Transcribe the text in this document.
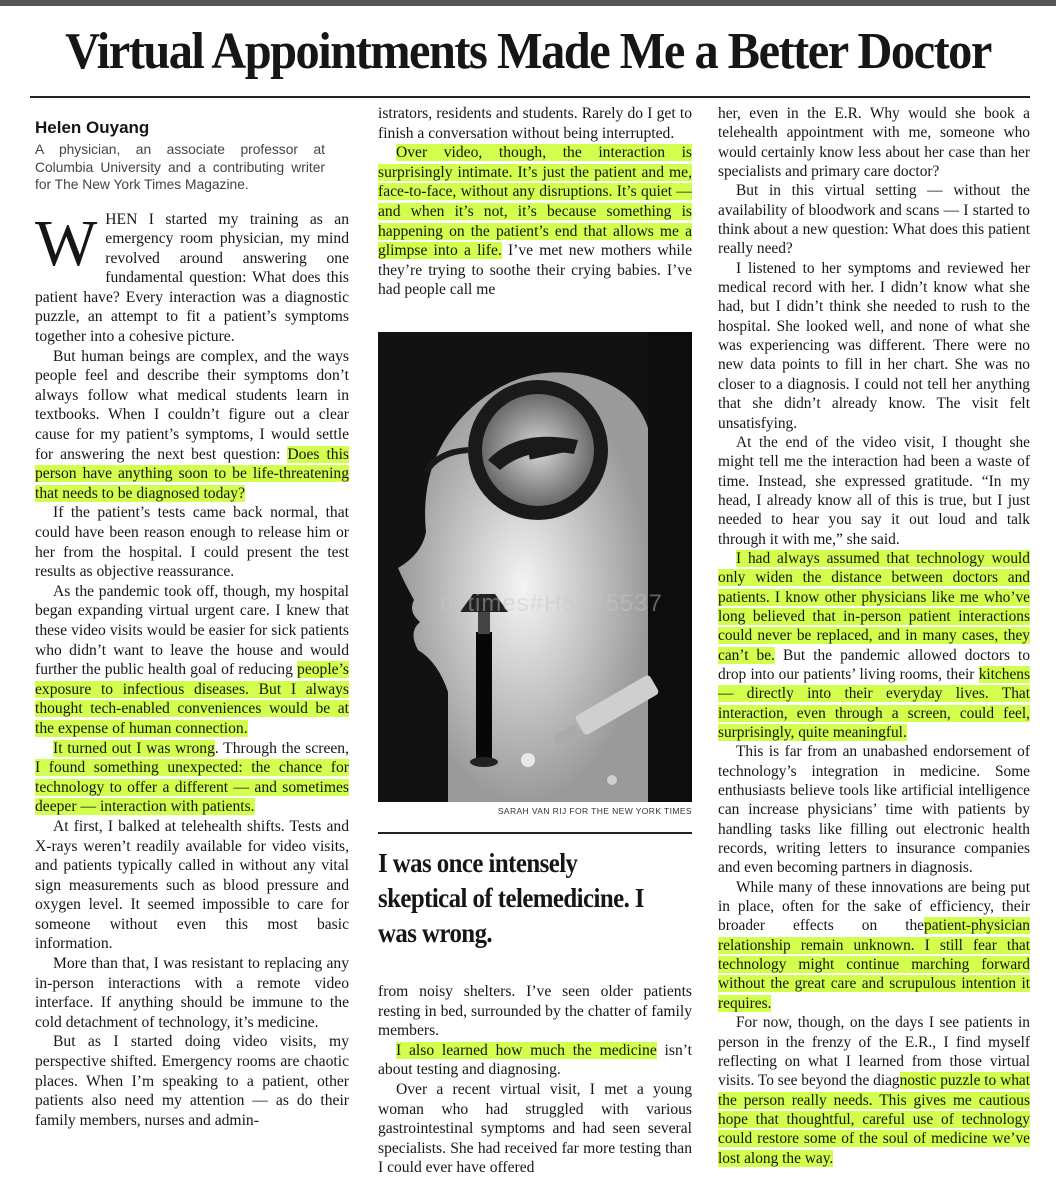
Virtual Appointments Made Me a Better Doctor
Helen Ouyang
A physician, an associate professor at Columbia University and a contributing writer for The New York Times Magazine.

WHEN I started my training as an emergency room physician, my mind revolved around answering one fundamental question: What does this patient have? Every interaction was a diagnostic puzzle, an attempt to fit a patient’s symptoms together into a cohesive picture.

But human beings are complex, and the ways people feel and describe their symptoms don’t always follow what medical students learn in textbooks. When I couldn’t figure out a clear cause for my patient’s symptoms, I would settle for answering the next best question: Does this person have anything soon to be life-threatening that needs to be diagnosed today?

If the patient’s tests came back normal, that could have been reason enough to release him or her from the hospital. I could present the test results as objective reassurance.

As the pandemic took off, though, my hospital began expanding virtual urgent care. I knew that these video visits would be easier for sick patients who didn’t want to leave the house and would further the public health goal of reducing people’s exposure to infectious diseases. But I always thought tech-enabled conveniences would be at the expense of human connection.

It turned out I was wrong. Through the screen, I found something unexpected: the chance for technology to offer a different — and sometimes deeper — interaction with patients.

At first, I balked at telehealth shifts. Tests and X-rays weren’t readily available for video visits, and patients typically called in without any vital sign measurements such as blood pressure and oxygen level. It seemed impossible to care for someone without even this most basic information.

More than that, I was resistant to replacing any in-person interactions with a remote video interface. If anything should be immune to the cold detachment of technology, it’s medicine.

But as I started doing video visits, my perspective shifted. Emergency rooms are chaotic places. When I’m speaking to a patient, other patients also need my attention — as do their family members, nurses and admin-

istrators, residents and students. Rarely do I get to finish a conversation without being interrupted.

Over video, though, the interaction is surprisingly intimate. It’s just the patient and me, face-to-face, without any disruptions. It’s quiet — and when it’s not, it’s because something is happening on the patient’s end that allows me a glimpse into a life. I’ve met new mothers while they’re trying to soothe their crying babies. I’ve had people call me

nytimes#H5875537
SARAH VAN RIJ FOR THE NEW YORK TIMES
I was once intensely skeptical of telemedicine. I was wrong.

from noisy shelters. I’ve seen older patients resting in bed, surrounded by the chatter of family members.

I also learned how much the medicine isn’t about testing and diagnosing.

Over a recent virtual visit, I met a young woman who had struggled with various gastrointestinal symptoms and had seen several specialists. She had received far more testing than I could ever have offered

her, even in the E.R. Why would she book a telehealth appointment with me, someone who would certainly know less about her case than her specialists and primary care doctor?

But in this virtual setting — without the availability of bloodwork and scans — I started to think about a new question: What does this patient really need?

I listened to her symptoms and reviewed her medical record with her. I didn’t know what she had, but I didn’t think she needed to rush to the hospital. She looked well, and none of what she was experiencing was different. There were no new data points to fill in her chart. She was no closer to a diagnosis. I could not tell her anything that she didn’t already know. The visit felt unsatisfying.

At the end of the video visit, I thought she might tell me the interaction had been a waste of time. Instead, she expressed gratitude. “In my head, I already know all of this is true, but I just needed to hear you say it out loud and talk through it with me,” she said.

I had always assumed that technology would only widen the distance between doctors and patients. I know other physicians like me who’ve long believed that in-person patient interactions could never be replaced, and in many cases, they can’t be. But the pandemic allowed doctors to drop into our patients’ living rooms, their kitchens — directly into their everyday lives. That interaction, even through a screen, could feel, surprisingly, quite meaningful.

This is far from an unabashed endorsement of technology’s integration in medicine. Some enthusiasts believe tools like artificial intelligence can increase physicians’ time with patients by handling tasks like filling out electronic health records, writing letters to insurance companies and even becoming partners in diagnosis.

While many of these innovations are being put in place, often for the sake of efficiency, their broader effects on thepatient-physician relationship remain unknown. I still fear that technology might continue marching forward without the great care and scrupulous intention it requires.

For now, though, on the days I see patients in person in the frenzy of the E.R., I find myself reflecting on what I learned from those virtual visits. To see beyond the diagnostic puzzle to what the person really needs. This gives me cautious hope that thoughtful, careful use of technology could restore some of the soul of medicine we’ve lost along the way.
